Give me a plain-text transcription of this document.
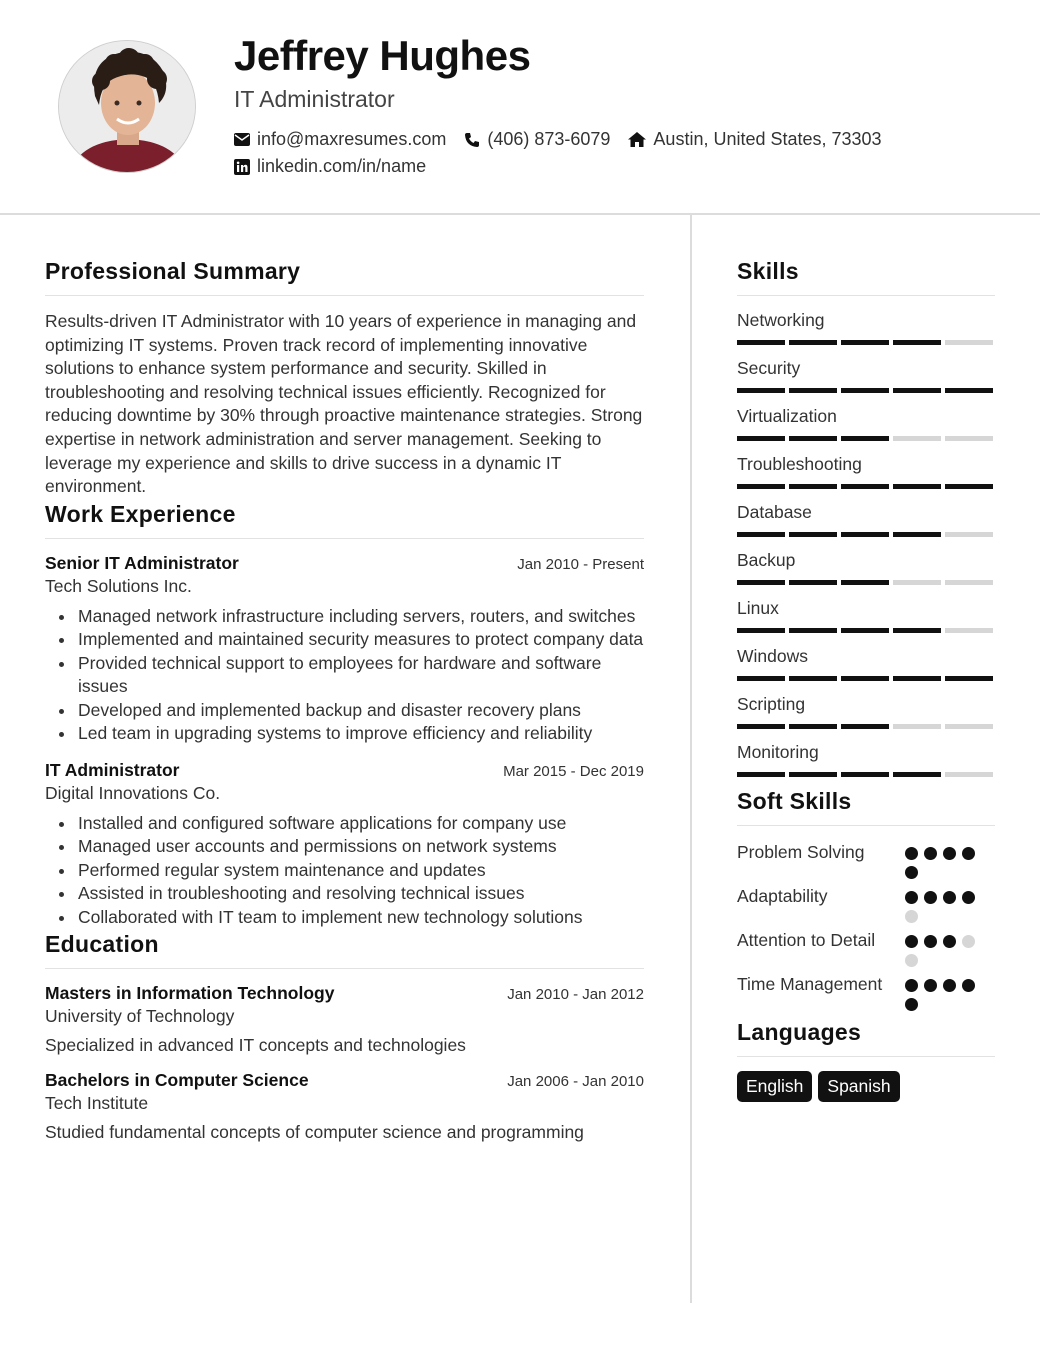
Jeffrey Hughes
IT Administrator
info@maxresumes.com (406) 873-6079 Austin, United States, 73303
linkedin.com/in/name
Professional Summary

Results-driven IT Administrator with 10 years of experience in managing and optimizing IT systems. Proven track record of implementing innovative solutions to enhance system performance and security. Skilled in troubleshooting and resolving technical issues efficiently. Recognized for reducing downtime by 30% through proactive maintenance strategies. Strong expertise in network administration and server management. Seeking to leverage my experience and skills to drive success in a dynamic IT environment.

Work Experience
Senior IT Administrator	Jan 2010 - Present
Tech Solutions Inc.
Managed network infrastructure including servers, routers, and switches
Implemented and maintained security measures to protect company data
Provided technical support to employees for hardware and software issues
Developed and implemented backup and disaster recovery plans
Led team in upgrading systems to improve efficiency and reliability
IT Administrator	Mar 2015 - Dec 2019
Digital Innovations Co.
Installed and configured software applications for company use
Managed user accounts and permissions on network systems
Performed regular system maintenance and updates
Assisted in troubleshooting and resolving technical issues
Collaborated with IT team to implement new technology solutions
Education
Masters in Information Technology	Jan 2010 - Jan 2012
University of Technology
Specialized in advanced IT concepts and technologies
Bachelors in Computer Science	Jan 2006 - Jan 2010
Tech Institute
Studied fundamental concepts of computer science and programming
Skills
Networking
Security
Virtualization
Troubleshooting
Database
Backup
Linux
Windows
Scripting
Monitoring
Soft Skills
Problem Solving
Adaptability
Attention to Detail
Time Management
Languages
English	Spanish
